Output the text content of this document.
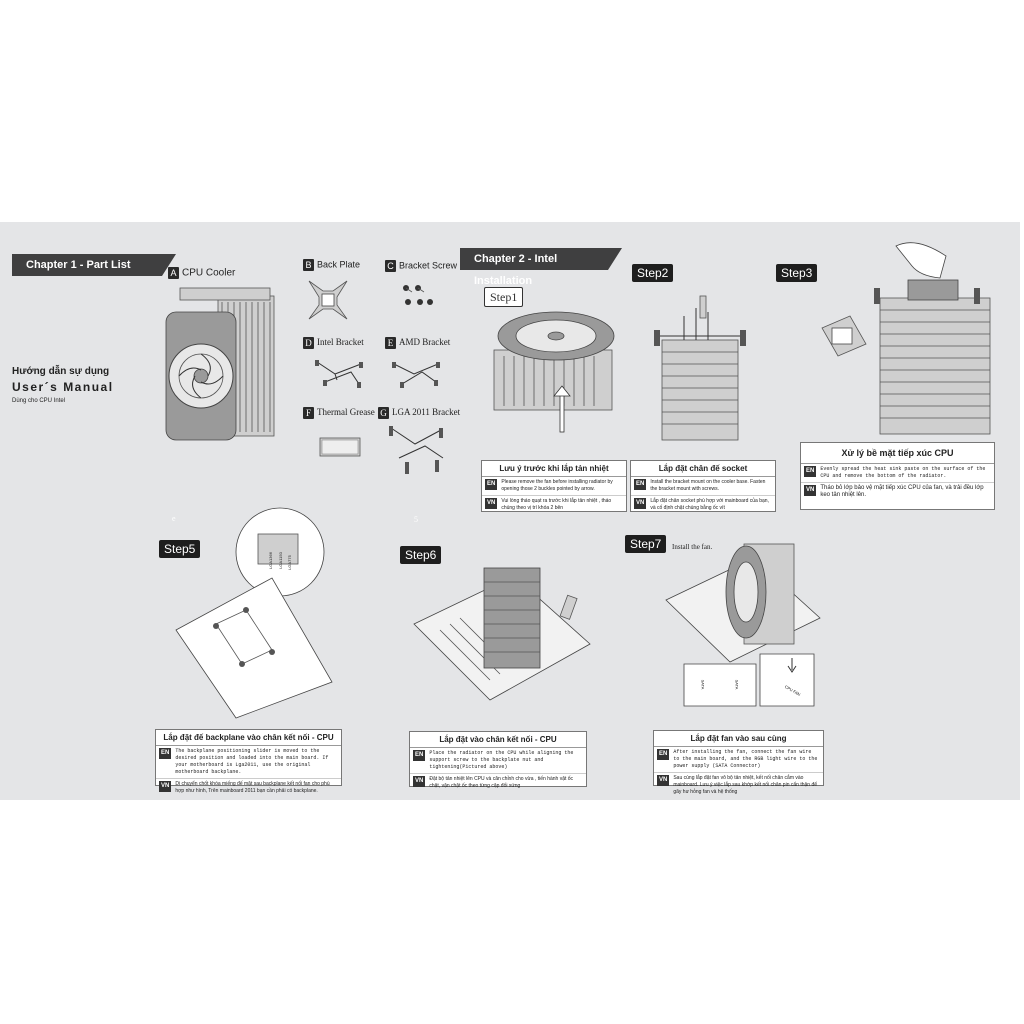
Chapter 1 - Part List	Chapter 2 - Intel Installation
Hướng dẫn sự dụng
User´s Manual
Dùng cho CPU Intel
A CPU Cooler
B Back Plate	C Bracket Screw
D Intel Bracket	E AMD Bracket
F Thermal Grease G LGA 2011 Bracket
Step1
Step2	Step3
Step5	Step6
Step7	Install the fan.
e	5
LGA1366 LGA1150 LGA775
SATA	SATA	CPU FAN
Lưu ý trước khi lắp tản nhiệt
EN	Please remove the fan before installing radiator by opening those 2 buckles pointed by arrow.
VN	Vui lòng tháo quạt ra trước khi lắp tản nhiệt , tháo chúng theo vị trí khóa 2 bên
Lắp đặt chân đế socket
EN	Install the bracket mount on the cooler base. Fasten the bracket mount with screws.
VN	Lắp đặt chân socket phù hợp với mainboard của bạn, và cố định chặt chúng bằng ốc vít
Xử lý bề mặt tiếp xúc CPU
EN	Evenly spread the heat sink paste on the surface of the CPU and remove the bottom of the radiator.
VN	Tháo bỏ lớp bảo vệ mặt tiếp xúc CPU của fan, và trải đều lớp keo tản nhiệt lên.
Lắp đặt đế backplane vào chân kết nối - CPU
EN	The backplane positioning slider is moved to the desired position and loaded into the main board. If your motherboard is Lga2011, use the original motherboard backplane.
VN	Di chuyển chốt khóa miếng đế mặt sau backplane kết nối fan cho phù hợp như hình, Trên mainboard 2011 bạn cần phải có backplane.
Lắp đặt vào chân kết nối - CPU
EN	Place the radiator on the CPU while aligning the support screw to the backplate nut and tightening(Pictured above)
VN	Đặt bộ tản nhiệt lên CPU và căn chỉnh cho vừa , tiến hành vặt ốc chặt, vặn chặt ốc theo từng cặp đối xứng
Lắp đặt fan vào sau cùng
EN	After installing the fan, connect the fan wire to the main board, and the RGB light wire to the power supply (SATA Connector)
VN	Sau cùng lắp đặt fan vô bộ tản nhiệt, kết nối chân cắm vào mainboard. Lưu ý việc lắp sau khớp kết nối chân pin cẩn thận để gãy hư hỏng fan và hệ thống
